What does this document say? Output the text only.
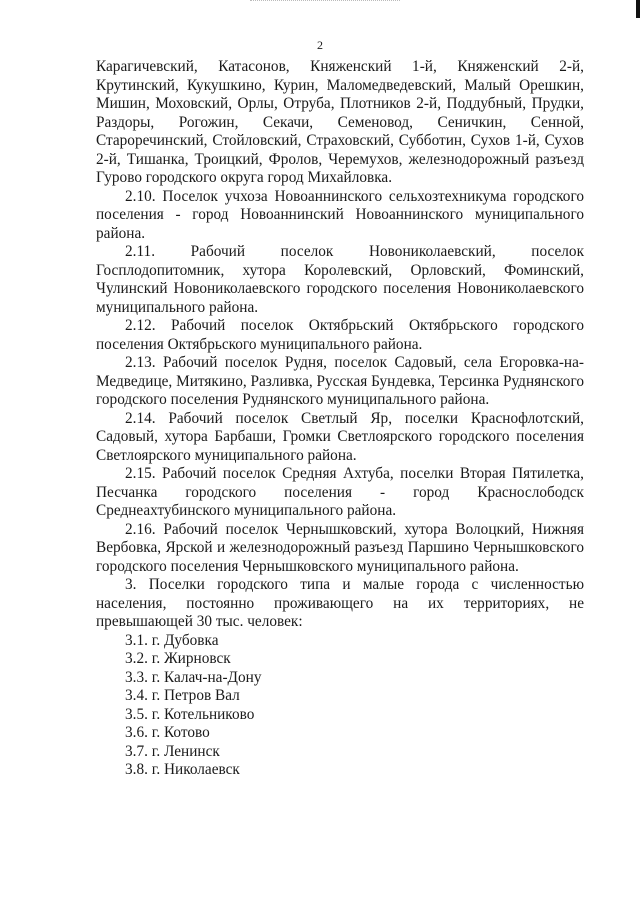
2

Карагичевский, Катасонов, Княженский 1-й, Княженский 2-й, Крутинский, Кукушкино, Курин, Маломедведевский, Малый Орешкин, Мишин, Моховский, Орлы, Отруба, Плотников 2-й, Поддубный, Прудки, Раздоры, Рогожин, Секачи, Семеновод, Сеничкин, Сенной, Староречинский, Стойловский, Страховский, Субботин, Сухов 1-й, Сухов 2-й, Тишанка, Троицкий, Фролов, Черемухов, железнодорожный разъезд Гурово городского округа город Михайловка.

2.10. Поселок учхоза Новоаннинского сельхозтехникума городского поселения - город Новоаннинский Новоаннинского муниципального района.

2.11. Рабочий поселок Новониколаевский, поселок Госплодопитомник, хутора Королевский, Орловский, Фоминский, Чулинский Новониколаевского городского поселения Новониколаевского муниципального района.

2.12. Рабочий поселок Октябрьский Октябрьского городского поселения Октябрьского муниципального района.

2.13. Рабочий поселок Рудня, поселок Садовый, села Егоровка-на-Медведице, Митякино, Разливка, Русская Бундевка, Терсинка Руднянского городского поселения Руднянского муниципального района.

2.14. Рабочий поселок Светлый Яр, поселки Краснофлотский, Садовый, хутора Барбаши, Громки Светлоярского городского поселения Светлоярского муниципального района.

2.15. Рабочий поселок Средняя Ахтуба, поселки Вторая Пятилетка, Песчанка городского поселения - город Краснослободск Среднеахтубинского муниципального района.

2.16. Рабочий поселок Чернышковский, хутора Волоцкий, Нижняя Вербовка, Ярской и железнодорожный разъезд Паршино Чернышковского городского поселения Чернышковского муниципального района.

3. Поселки городского типа и малые города с численностью населения, постоянно проживающего на их территориях, не превышающей 30 тыс. человек:

3.1. г. Дубовка
3.2. г. Жирновск
3.3. г. Калач-на-Дону
3.4. г. Петров Вал
3.5. г. Котельниково
3.6. г. Котово
3.7. г. Ленинск
3.8. г. Николаевск
